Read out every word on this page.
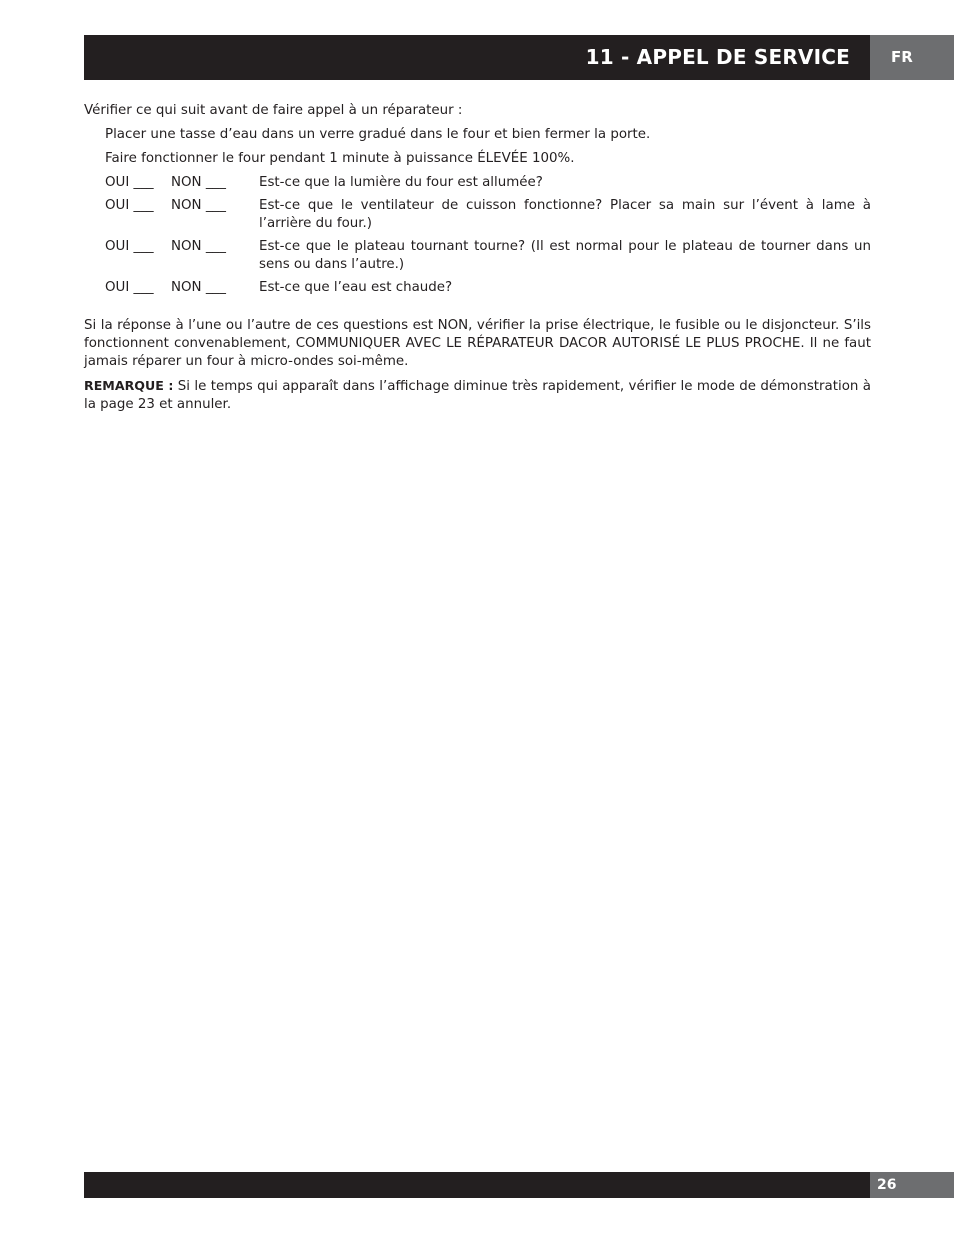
11 - APPEL DE SERVICE	FR

Vérifier ce qui suit avant de faire appel à un réparateur :

Placer une tasse d’eau dans un verre gradué dans le four et bien fermer la porte.

Faire fonctionner le four pendant 1 minute à puissance ÉLEVÉE 100%.

OUI ___	NON ___	Est-ce que la lumière du four est allumée?
OUI ___	NON ___	Est-ce que le ventilateur de cuisson fonctionne? Placer sa main sur l’évent à lame à l’arrière du four.)
OUI ___	NON ___	Est-ce que le plateau tournant tourne? (Il est normal pour le plateau de tourner dans un sens ou dans l’autre.)
OUI ___	NON ___	Est-ce que l’eau est chaude?

Si la réponse à l’une ou l’autre de ces questions est NON, vérifier la prise électrique, le fusible ou le disjoncteur. S’ils fonctionnent convenablement, COMMUNIQUER AVEC LE RÉPARATEUR DACOR AUTORISÉ LE PLUS PROCHE. Il ne faut jamais réparer un four à micro-ondes soi-même.

REMARQUE : Si le temps qui apparaît dans l’affichage diminue très rapidement, vérifier le mode de démonstration à la page 23 et annuler.

26
